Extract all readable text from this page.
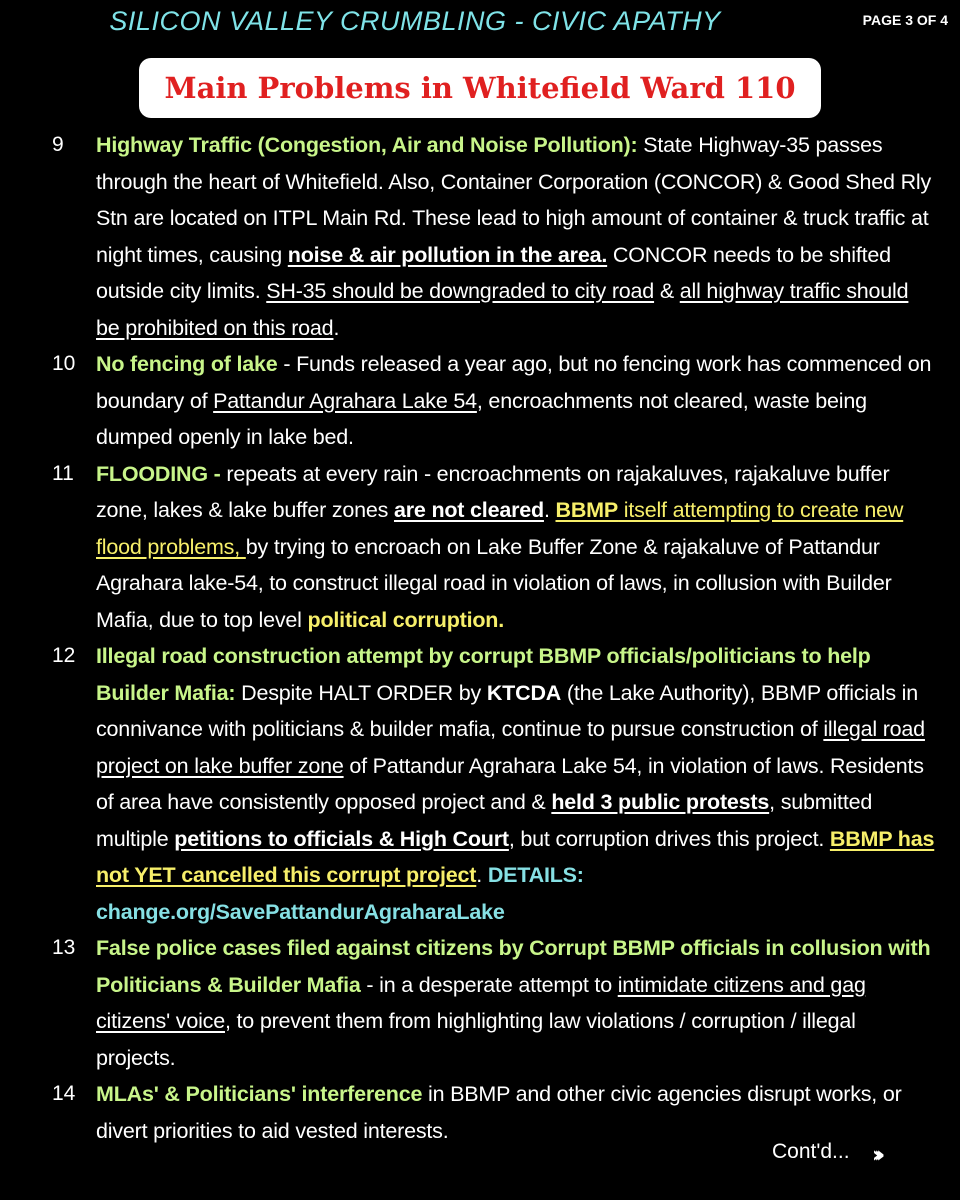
SILICON VALLEY CRUMBLING - CIVIC APATHY	PAGE 3 OF 4
Main Problems in Whitefield Ward 110
9	Highway Traffic (Congestion, Air and Noise Pollution): State Highway-35 passes through the heart of Whitefield. Also, Container Corporation (CONCOR) & Good Shed Rly Stn are located on ITPL Main Rd. These lead to high amount of container & truck traffic at night times, causing noise & air pollution in the area. CONCOR needs to be shifted outside city limits. SH-35 should be downgraded to city road & all highway traffic should be prohibited on this road.
10 No fencing of lake - Funds released a year ago, but no fencing work has commenced on boundary of Pattandur Agrahara Lake 54, encroachments not cleared, waste being dumped openly in lake bed.
11	FLOODING - repeats at every rain - encroachments on rajakaluves, rajakaluve buffer zone, lakes & lake buffer zones are not cleared. BBMP itself attempting to create new flood problems, by trying to encroach on Lake Buffer Zone & rajakaluve of Pattandur Agrahara lake-54, to construct illegal road in violation of laws, in collusion with Builder Mafia, due to top level political corruption.
12 Illegal road construction attempt by corrupt BBMP officials/politicians to help Builder Mafia: Despite HALT ORDER by KTCDA (the Lake Authority), BBMP officials in connivance with politicians & builder mafia, continue to pursue construction of illegal road project on lake buffer zone of Pattandur Agrahara Lake 54, in violation of laws. Residents of area have consistently opposed project and & held 3 public protests, submitted multiple petitions to officials & High Court, but corruption drives this project. BBMP has not YET cancelled this corrupt project. DETAILS: change.org/SavePattandurAgraharaLake
13 False police cases filed against citizens by Corrupt BBMP officials in collusion with Politicians & Builder Mafia - in a desperate attempt to intimidate citizens and gag citizens' voice, to prevent them from highlighting law violations / corruption / illegal projects.
14 MLAs' & Politicians' interference in BBMP and other civic agencies disrupt works, or divert priorities to aid vested interests.
Cont'd... ›››
